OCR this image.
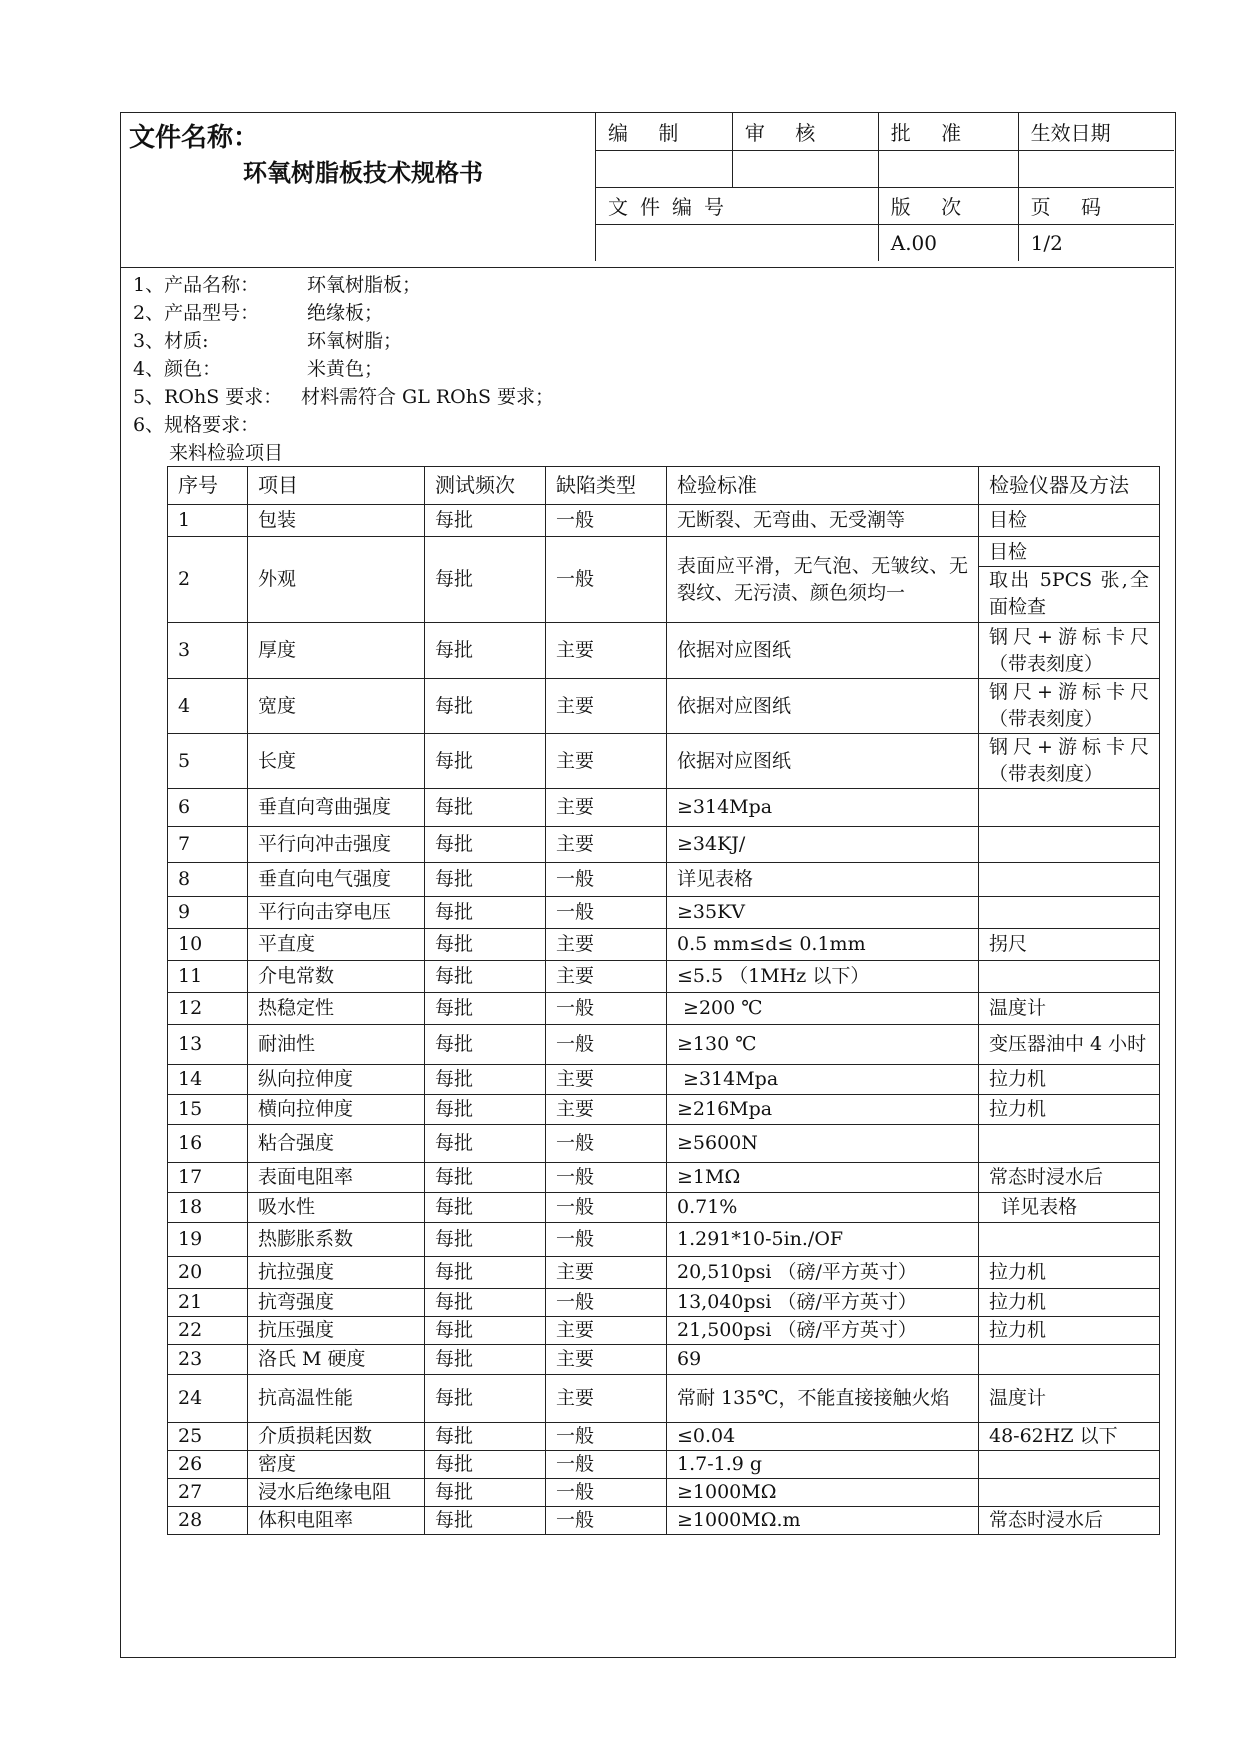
文件名称：
环氧树脂板技术规格书
编 制	审 核	批 准	生效日期

文件编号		版 次	页 码
		A.00	1/2
1、产品名称：	环氧树脂板；
2、产品型号：	绝缘板；
3、材质:	环氧树脂；
4、颜色：	米黄色；
5、ROhS 要求： 材料需符合 GL ROhS 要求；
6、规格要求：
来料检验项目
序号	项目	测试频次	缺陷类型	检验标准	检验仪器及方法
1	包装	每批	一般	无断裂、无弯曲、无受潮等	目检
2	外观	每批	一般	表面应平滑，无气泡、无皱纹、无裂纹、无污渍、颜色须均一	目检
取出 5PCS 张,全面检查

3	厚度	每批	主要	依据对应图纸	钢尺+游标卡尺（带表刻度）
4	宽度	每批	主要	依据对应图纸	钢尺+游标卡尺（带表刻度）
5	长度	每批	主要	依据对应图纸	钢尺+游标卡尺（带表刻度）
6	垂直向弯曲强度	每批	主要	≥314Mpa	
7	平行向冲击强度	每批	主要	≥34KJ/	
8	垂直向电气强度	每批	一般	详见表格	
9	平行向击穿电压	每批	一般	≥35KV	
10	平直度	每批	主要	0.5 mm≤d≤ 0.1mm	拐尺
11	介电常数	每批	主要	≤5.5 （1MHz 以下）	
12	热稳定性	每批	一般	≥200 ℃	温度计
13	耐油性	每批	一般	≥130 ℃	变压器油中 4 小时
14	纵向拉伸度	每批	主要	≥314Mpa	拉力机
15	横向拉伸度	每批	主要	≥216Mpa	拉力机
16	粘合强度	每批	一般	≥5600N	
17	表面电阻率	每批	一般	≥1MΩ	常态时浸水后
18	吸水性	每批	一般	0.71%	详见表格
19	热膨胀系数	每批	一般	1.291*10-5in./OF	
20	抗拉强度	每批	主要	20,510psi （磅/平方英寸）	拉力机
21	抗弯强度	每批	一般	13,040psi （磅/平方英寸）	拉力机
22	抗压强度	每批	主要	21,500psi （磅/平方英寸）	拉力机
23	洛氏 M 硬度	每批	主要	69	
24	抗高温性能	每批	主要	常耐 135℃，不能直接接触火焰	温度计
25	介质损耗因数	每批	一般	≤0.04	48-62HZ 以下
26	密度	每批	一般	1.7-1.9 g	
27	浸水后绝缘电阻	每批	一般	≥1000MΩ	
28	体积电阻率	每批	一般	≥1000MΩ.m	常态时浸水后
